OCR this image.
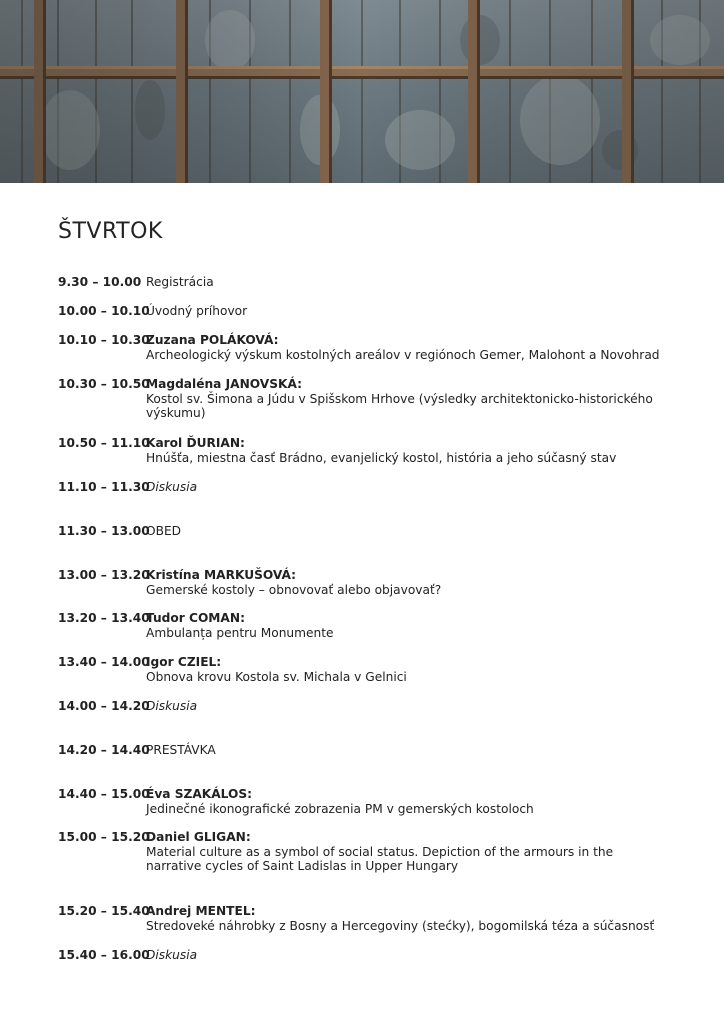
ŠTVRTOK
9.30 – 10.00 Registrácia
10.00 – 10.10
Úvodný príhovor
10.10 – 10.30
Zuzana POLÁKOVÁ:
Archeologický výskum kostolných areálov v regiónoch Gemer, Malohont a Novohrad
10.30 – 10.50
Magdaléna JANOVSKÁ:
Kostol sv. Šimona a Júdu v Spišskom Hrhove (výsledky architektonicko-historického výskumu)
10.50 – 11.10
Karol ĎURIAN:
Hnúšťa, miestna časť Brádno, evanjelický kostol, história a jeho súčasný stav
11.10 – 11.30
Diskusia
11.30 – 13.00
OBED
13.00 – 13.20
Kristína MARKUŠOVÁ:
Gemerské kostoly – obnovovať alebo objavovať?
13.20 – 13.40
Tudor COMAN:
Ambulanța pentru Monumente
13.40 – 14.00
Igor CZIEL:
Obnova krovu Kostola sv. Michala v Gelnici
14.00 – 14.20
Diskusia
14.20 – 14.40
PRESTÁVKA
14.40 – 15.00
Éva SZAKÁLOS:
Jedinečné ikonografické zobrazenia PM v gemerských kostoloch
15.00 – 15.20
Daniel GLIGAN:
Material culture as a symbol of social status. Depiction of the armours in the narrative cycles of Saint Ladislas in Upper Hungary
15.20 – 15.40
Andrej MENTEL:
Stredoveké náhrobky z Bosny a Hercegoviny (stećky), bogomilská téza a súčasnosť
15.40 – 16.00
Diskusia
